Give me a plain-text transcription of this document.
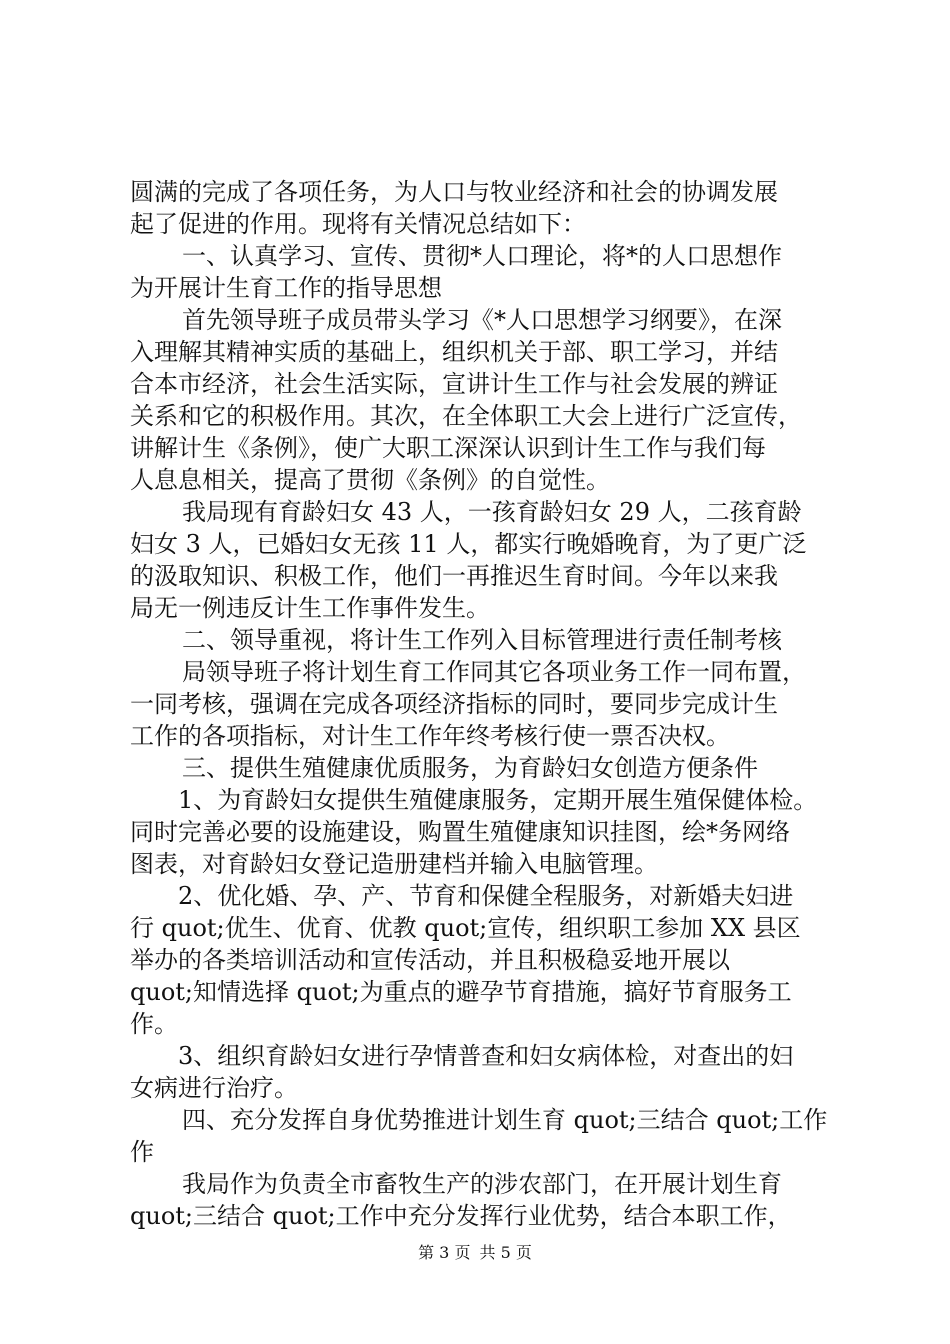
圆满的完成了各项任务，为人口与牧业经济和社会的协调发展
起了促进的作用。现将有关情况总结如下：
一、认真学习、宣传、贯彻*人口理论，将*的人口思想作
为开展计生育工作的指导思想
首先领导班子成员带头学习《*人口思想学习纲要》，在深
入理解其精神实质的基础上，组织机关于部、职工学习，并结
合本市经济，社会生活实际，宣讲计生工作与社会发展的辨证
关系和它的积极作用。其次，在全体职工大会上进行广泛宣传，
讲解计生《条例》，使广大职工深深认识到计生工作与我们每
人息息相关，提高了贯彻《条例》的自觉性。
我局现有育龄妇女 43 人，一孩育龄妇女 29 人，二孩育龄
妇女 3 人，已婚妇女无孩 11 人，都实行晚婚晚育，为了更广泛
的汲取知识、积极工作，他们一再推迟生育时间。今年以来我
局无一例违反计生工作事件发生。
二、领导重视，将计生工作列入目标管理进行责任制考核
局领导班子将计划生育工作同其它各项业务工作一同布置，
一同考核，强调在完成各项经济指标的同时，要同步完成计生
工作的各项指标，对计生工作年终考核行使一票否决权。
三、提供生殖健康优质服务，为育龄妇女创造方便条件
1、为育龄妇女提供生殖健康服务，定期开展生殖保健体检。
同时完善必要的设施建设，购置生殖健康知识挂图，绘*务网络
图表，对育龄妇女登记造册建档并输入电脑管理。
2、优化婚、孕、产、节育和保健全程服务，对新婚夫妇进
行 quot;优生、优育、优教 quot;宣传，组织职工参加 XX 县区
举办的各类培训活动和宣传活动，并且积极稳妥地开展以
quot;知情选择 quot;为重点的避孕节育措施，搞好节育服务工
作。
3、组织育龄妇女进行孕情普查和妇女病体检，对查出的妇
女病进行治疗。
四、充分发挥自身优势推进计划生育 quot;三结合 quot;工作
作
我局作为负责全市畜牧生产的涉农部门，在开展计划生育
quot;三结合 quot;工作中充分发挥行业优势，结合本职工作，
第 3 页 共 5 页
